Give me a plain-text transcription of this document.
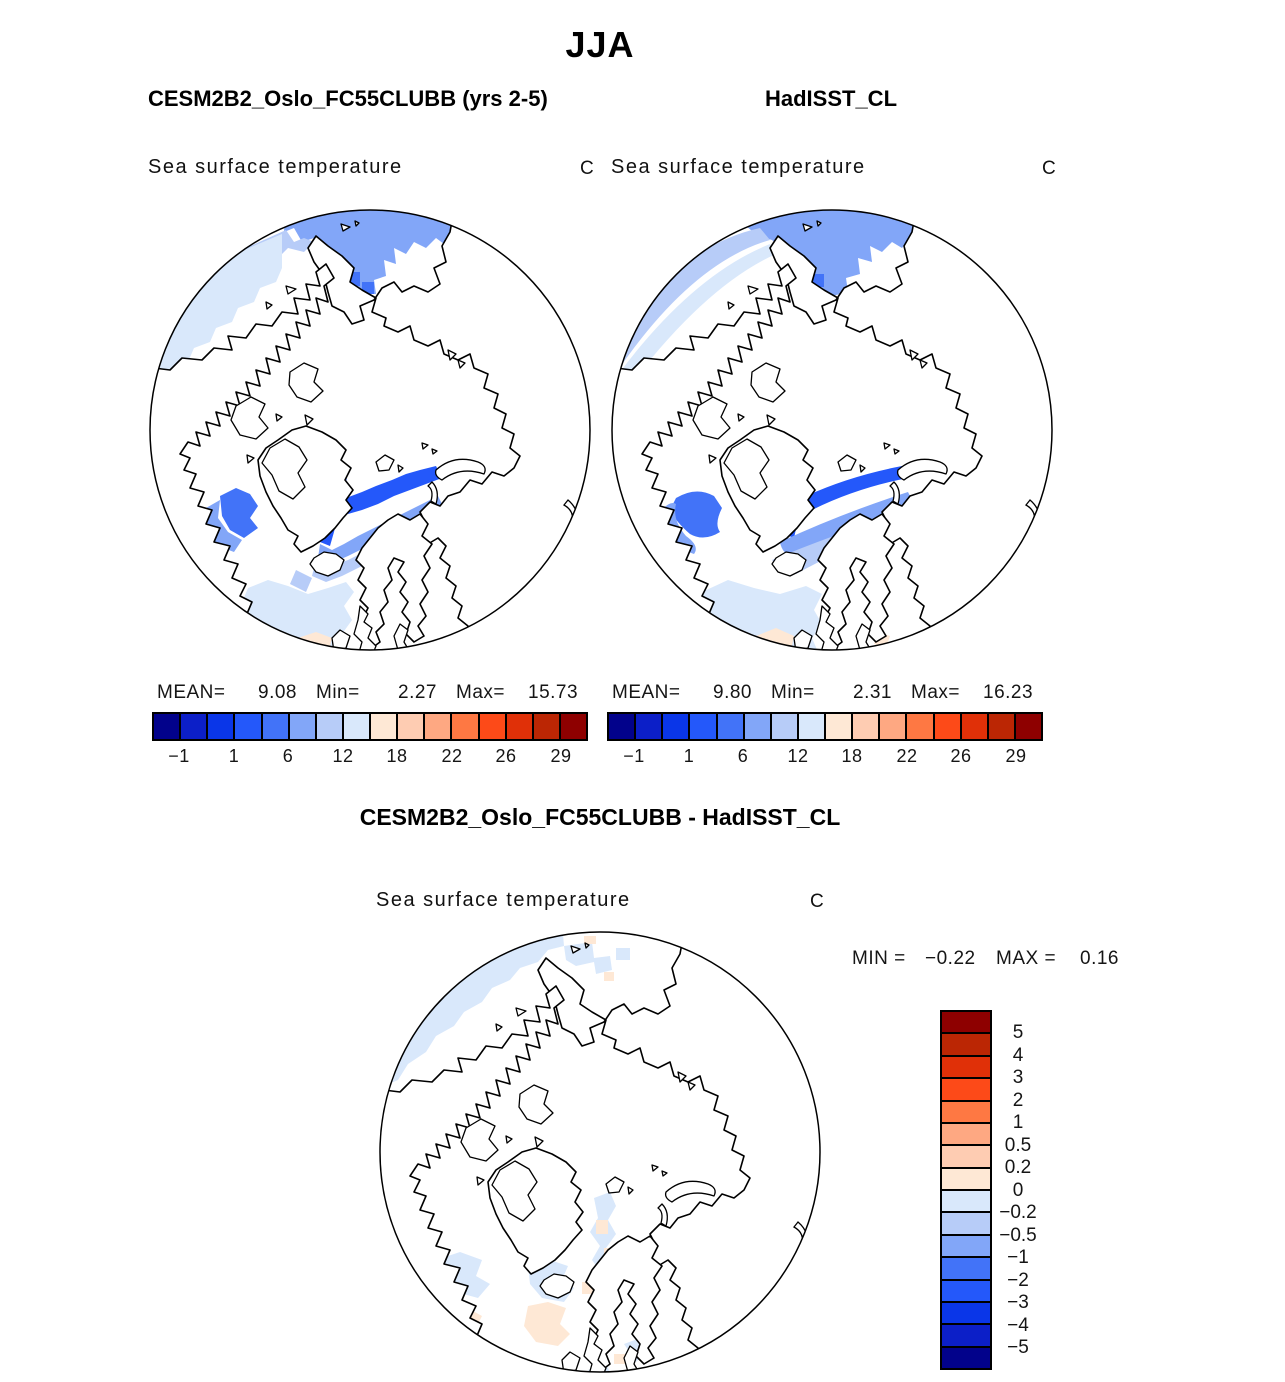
JJA
CESM2B2_Oslo_FC55CLUBB (yrs 2-5)	HadISST_CL
Sea surface temperature	C Sea surface temperature	C
MEAN= 9.08 Min= 2.27 Max= 15.73 MEAN= 9.80 Min= 2.31 Max= 16.23
−1 1 6 12 18 22 26 29	−1 1 6 12 18 22 26 29
CESM2B2_Oslo_FC55CLUBB - HadISST_CL
Sea surface temperature	C
MIN = −0.22 MAX = 0.16
5
4
3
2
1
0.5
0.2
0
−0.2
−0.5
−1
−2
−3
−4
−5
